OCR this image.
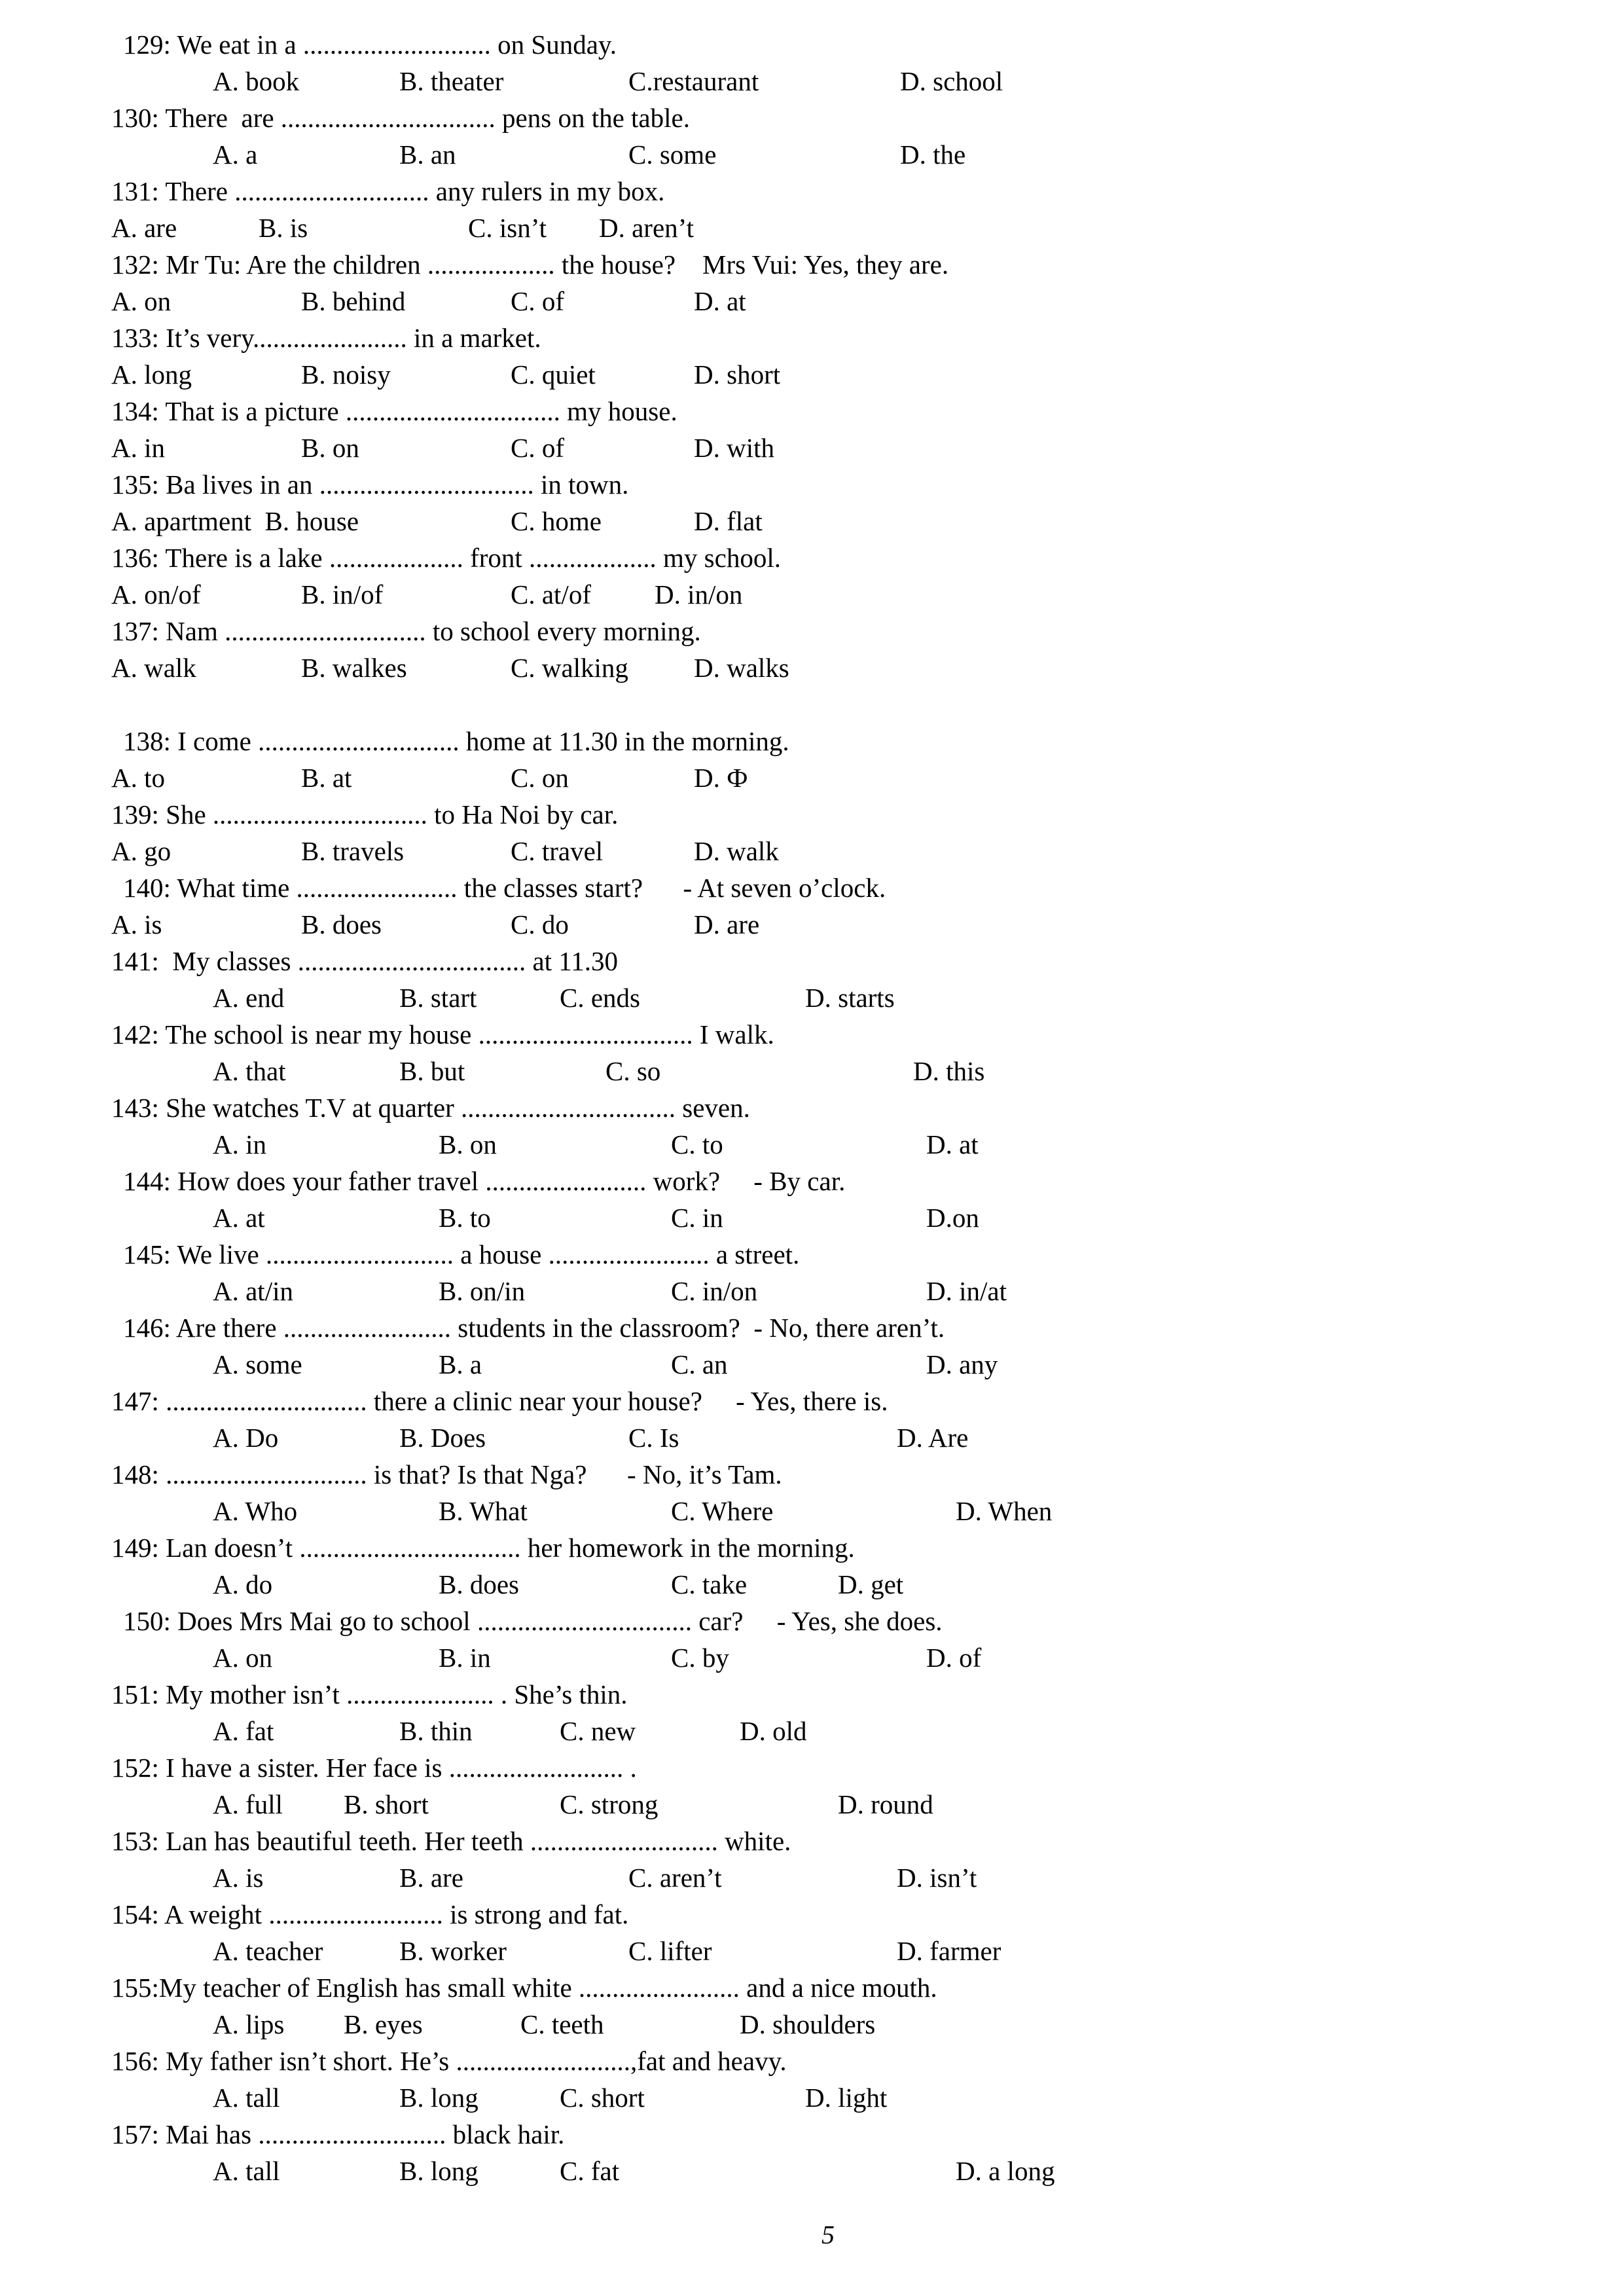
129: We eat in a ............................ on Sunday.
A. book	B. theater	C.restaurant	D. school
130: There  are ................................ pens on the table.
A. a	B. an	C. some	D. the
131: There ............................. any rulers in my box.
A. are	B. is	C. isn’t D. aren’t
132: Mr Tu: Are the children ................... the house?    Mrs Vui: Yes, they are.
A. on	B. behind	C. of	D. at
133: It’s very....................... in a market.
A. long	B. noisy	C. quiet	D. short
134: That is a picture ................................ my house.
A. in	B. on	C. of	D. with
135: Ba lives in an ................................ in town.
A. apartment  B. house	C. home	D. flat
136: There is a lake .................... front ................... my school.
A. on/of	B. in/of	C. at/of D. in/on
137: Nam .............................. to school every morning.
A. walk	B. walkes	C. walking D. walks
138: I come .............................. home at 11.30 in the morning.
A. to	B. at	C. on	D. Ф
139: She ................................ to Ha Noi by car.
A. go	B. travels	C. travel	D. walk
140: What time ........................ the classes start?      - At seven o’clock.
A. is	B. does	C. do	D. are
141:  My classes .................................. at 11.30
A. end	B. start	C. ends	D. starts
142: The school is near my house ................................ I walk.
A. that	B. but	C. so	D. this
143: She watches T.V at quarter ................................ seven.
A. in	B. on	C. to	D. at
144: How does your father travel ........................ work?     - By car.
A. at	B. to	C. in	D.on
145: We live ............................ a house ........................ a street.
A. at/in	B. on/in	C. in/on	D. in/at
146: Are there ......................... students in the classroom?  - No, there aren’t.
A. some	B. a	C. an	D. any
147: .............................. there a clinic near your house?     - Yes, there is.
A. Do	B. Does	C. Is	D. Are
148: .............................. is that? Is that Nga?      - No, it’s Tam.
A. Who	B. What	C. Where	D. When
149: Lan doesn’t ................................. her homework in the morning.
A. do	B. does	C. take	D. get
150: Does Mrs Mai go to school ................................ car?     - Yes, she does.
A. on	B. in	C. by	D. of
151: My mother isn’t ...................... . She’s thin.
A. fat	B. thin	C. new	D. old
152: I have a sister. Her face is .......................... .
A. full B. short	C. strong	D. round
153: Lan has beautiful teeth. Her teeth ............................ white.
A. is	B. are	C. aren’t	D. isn’t
154: A weight .......................... is strong and fat.
A. teacher	B. worker	C. lifter	D. farmer
155:My teacher of English has small white ........................ and a nice mouth.
A. lips B. eyes	C. teeth	D. shoulders
156: My father isn’t short. He’s ..........................,fat and heavy.
A. tall	B. long	C. short	D. light
157: Mai has ............................ black hair.
A. tall	B. long	C. fat	D. a long
5
